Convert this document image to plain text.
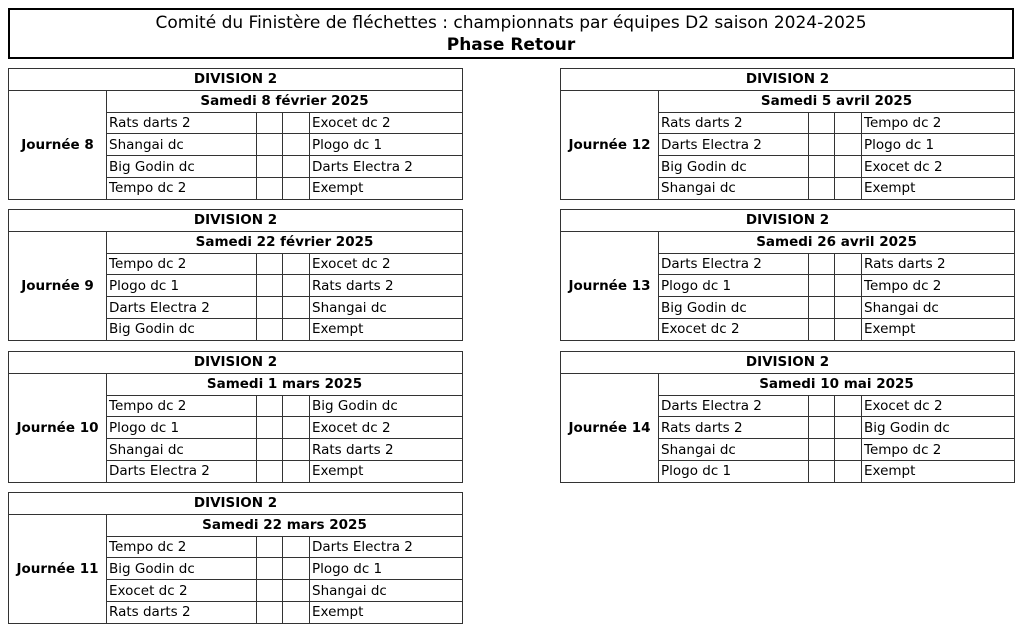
Comité du Finistère de fléchettes : championnats par équipes D2 saison 2024-2025
Phase Retour
DIVISION 2				
Journée 8	Samedi 8 février 2025			
	Rats darts 2			Exocet dc 2
	Shangai dc			Plogo dc 1
	Big Godin dc			Darts Electra 2
	Tempo dc 2			Exempt
DIVISION 2				
Journée 9	Samedi 22 février 2025			
	Tempo dc 2			Exocet dc 2
	Plogo dc 1			Rats darts 2
	Darts Electra 2			Shangai dc
	Big Godin dc			Exempt
DIVISION 2				
Journée 10	Samedi 1 mars 2025			
	Tempo dc 2			Big Godin dc
	Plogo dc 1			Exocet dc 2
	Shangai dc			Rats darts 2
	Darts Electra 2			Exempt
DIVISION 2				
Journée 11	Samedi 22 mars 2025			
	Tempo dc 2			Darts Electra 2
	Big Godin dc			Plogo dc 1
	Exocet dc 2			Shangai dc
	Rats darts 2			Exempt
DIVISION 2				
Journée 12	Samedi 5 avril 2025			
	Rats darts 2			Tempo dc 2
	Darts Electra 2			Plogo dc 1
	Big Godin dc			Exocet dc 2
	Shangai dc			Exempt
DIVISION 2				
Journée 13	Samedi 26 avril 2025			
	Darts Electra 2			Rats darts 2
	Plogo dc 1			Tempo dc 2
	Big Godin dc			Shangai dc
	Exocet dc 2			Exempt
DIVISION 2				
Journée 14	Samedi 10 mai 2025			
	Darts Electra 2			Exocet dc 2
	Rats darts 2			Big Godin dc
	Shangai dc			Tempo dc 2
	Plogo dc 1			Exempt
